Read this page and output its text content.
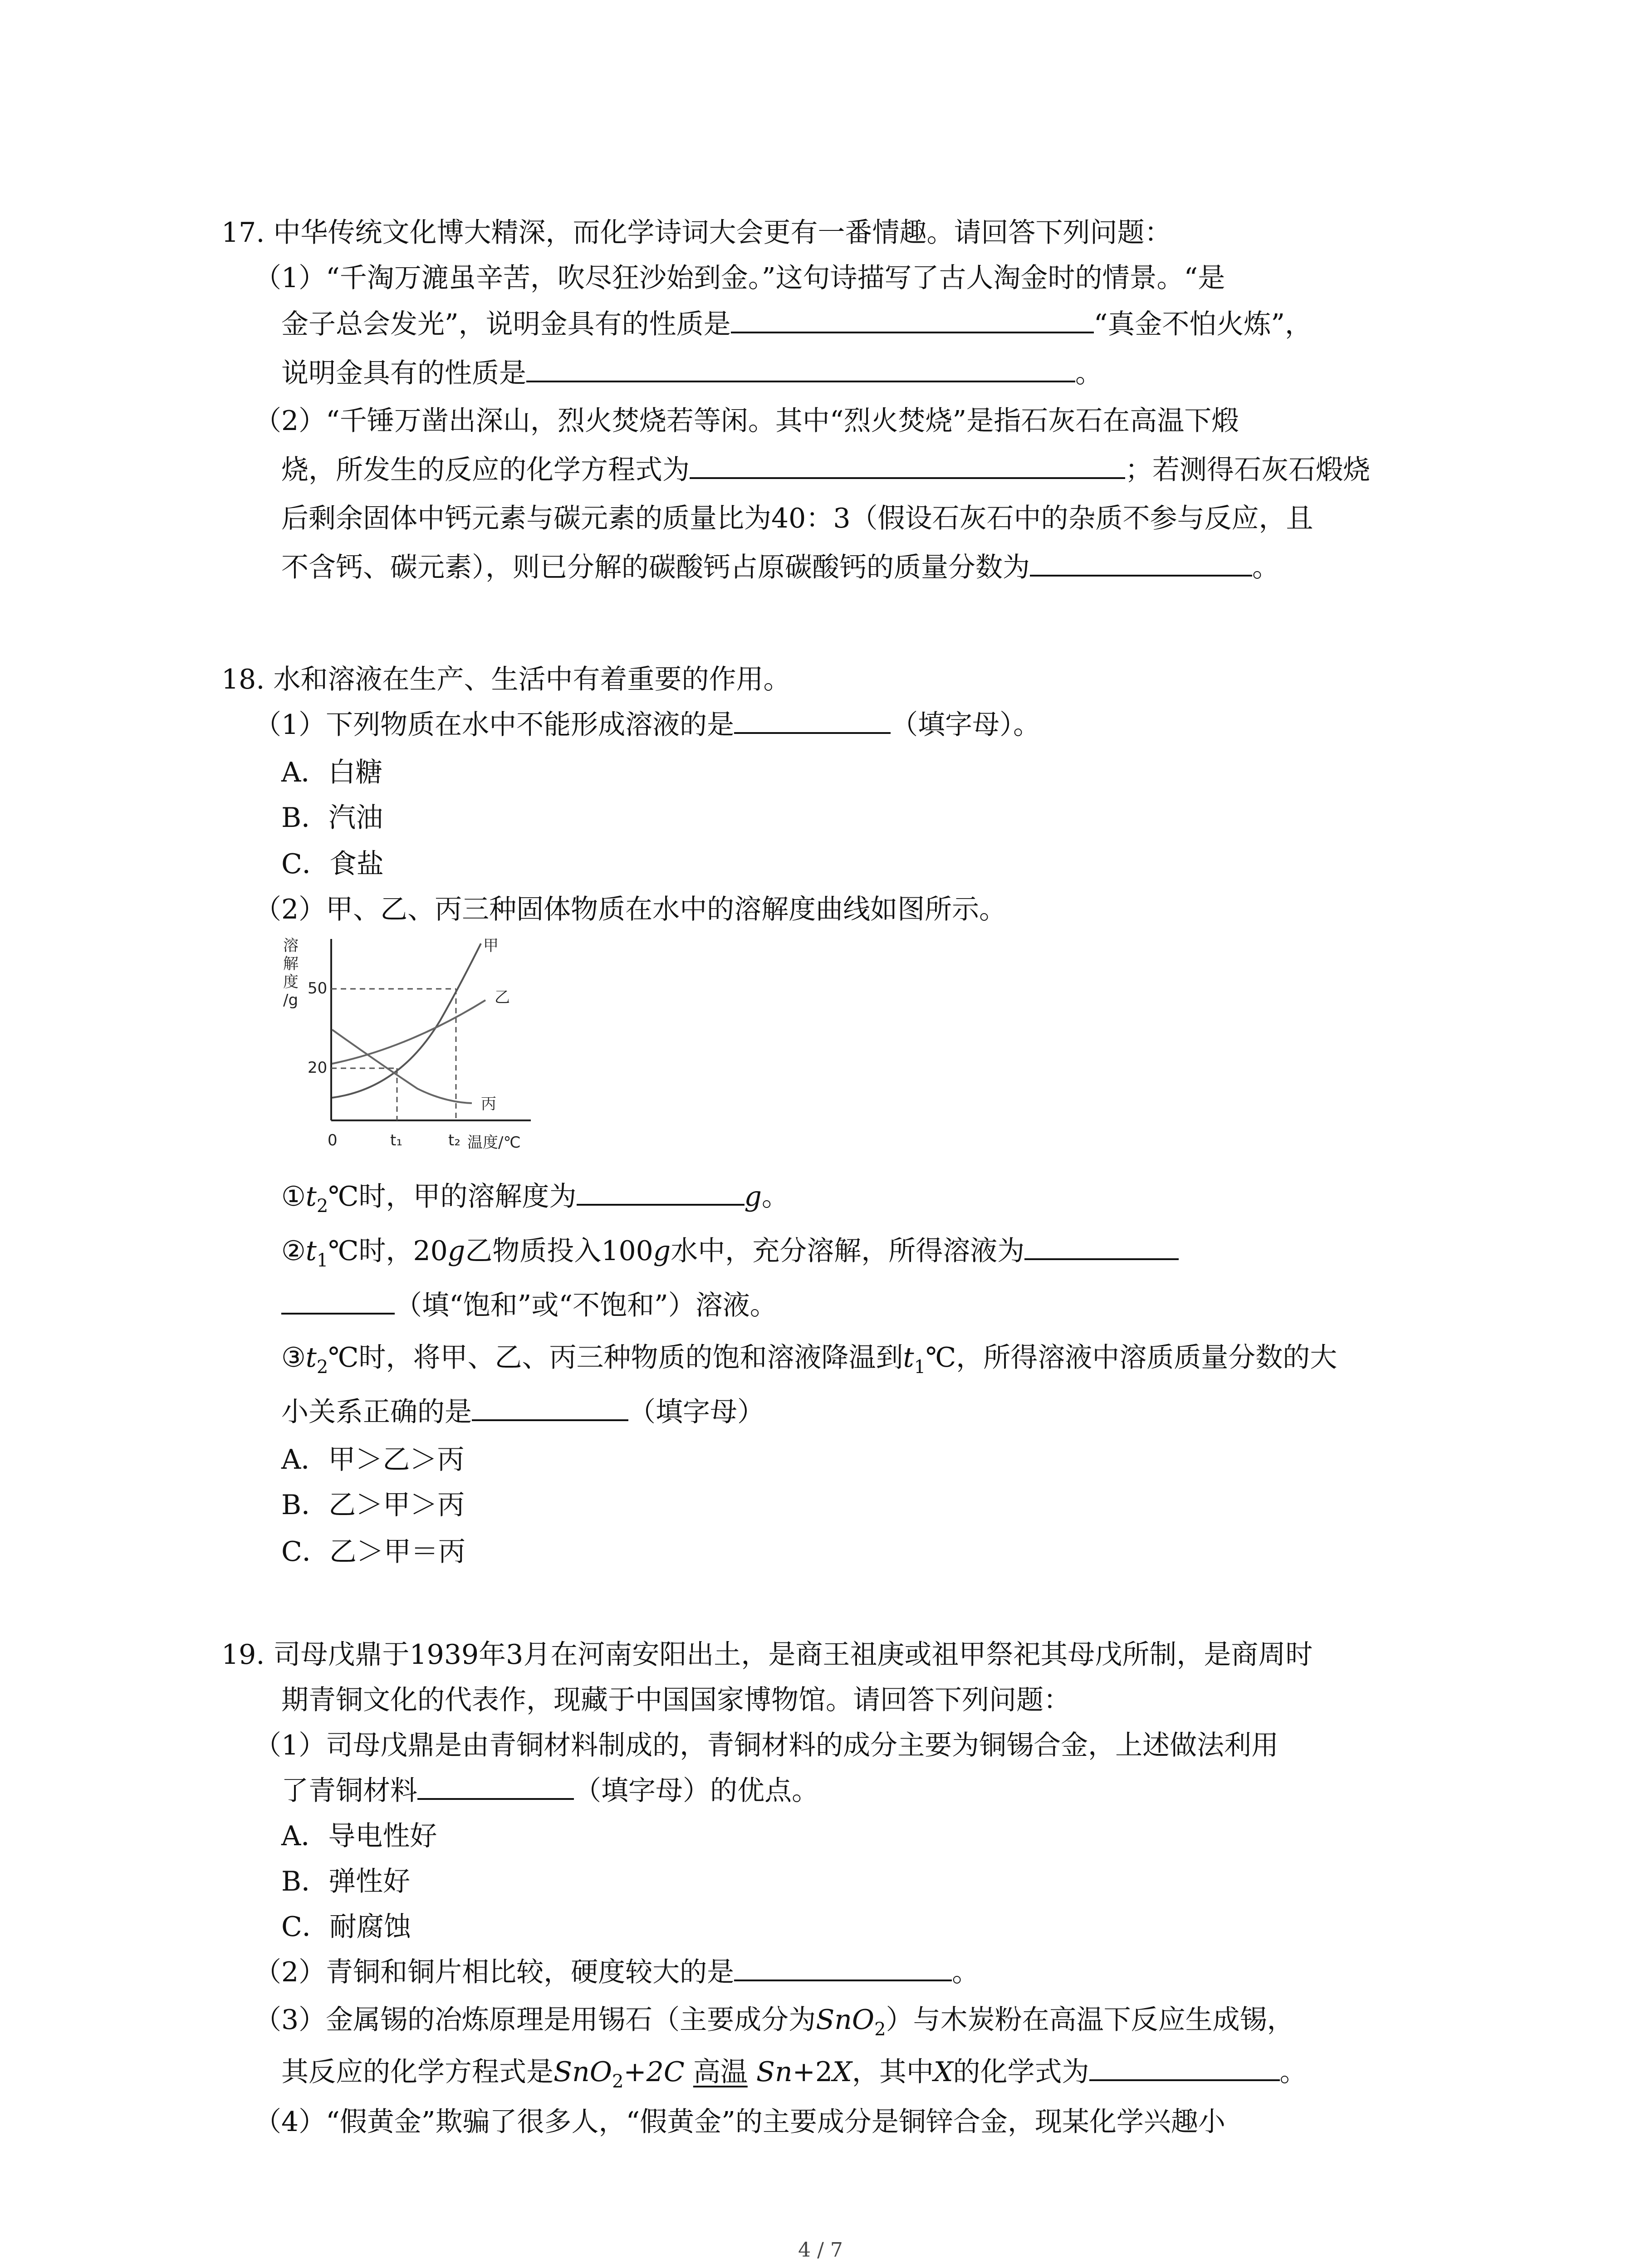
17. 中华传统文化博大精深，而化学诗词大会更有一番情趣。请回答下列问题：
（1）“千淘万漉虽辛苦，吹尽狂沙始到金。”这句诗描写了古人淘金时的情景。“是
金子总会发光”，说明金具有的性质是	“真金不怕火炼”，
说明金具有的性质是	。
（2）“千锤万凿出深山，烈火焚烧若等闲。其中“烈火焚烧”是指石灰石在高温下煅
烧，所发生的反应的化学方程式为	；若测得石灰石煅烧
后剩余固体中钙元素与碳元素的质量比为40：3（假设石灰石中的杂质不参与反应，且
不含钙、碳元素），则已分解的碳酸钙占原碳酸钙的质量分数为	。
18. 水和溶液在生产、生活中有着重要的作用。
（1）下列物质在水中不能形成溶液的是	（填字母）。
A．白糖
B．汽油
C．食盐
（2）甲、乙、丙三种固体物质在水中的溶解度曲线如图所示。
溶
解
度
/g
甲
乙
丙
50
20
0	t₁	t₂ 温度/℃
$①t_2℃$时，甲的溶解度为	g。
$②t_1℃$时，20g乙物质投入100g水中，充分溶解，所得溶液为
（填“饱和”或“不饱和”）溶液。
$③t_2℃$时，将甲、乙、丙三种物质的饱和溶液降温到$t_1℃$，所得溶液中溶质质量分数的大
小关系正确的是	（填字母）
A．甲＞乙＞丙
B．乙＞甲＞丙
C．乙＞甲＝丙
19. 司母戊鼎于1939年3月在河南安阳出土，是商王祖庚或祖甲祭祀其母戊所制，是商周时
期青铜文化的代表作，现藏于中国国家博物馆。请回答下列问题：
（1）司母戊鼎是由青铜材料制成的，青铜材料的成分主要为铜锡合金，上述做法利用
了青铜材料	（填字母）的优点。
A．导电性好
B．弹性好
C．耐腐蚀
（2）青铜和铜片相比较，硬度较大的是	。
（3）金属锡的冶炼原理是用锡石（主要成分为SnO$_2$）与木炭粉在高温下反应生成锡，
其反应的化学方程式是SnO$_2$+2C 高温 Sn+2X，其中X的化学式为	。
（4）“假黄金”欺骗了很多人，“假黄金”的主要成分是铜锌合金，现某化学兴趣小
4 / 7
